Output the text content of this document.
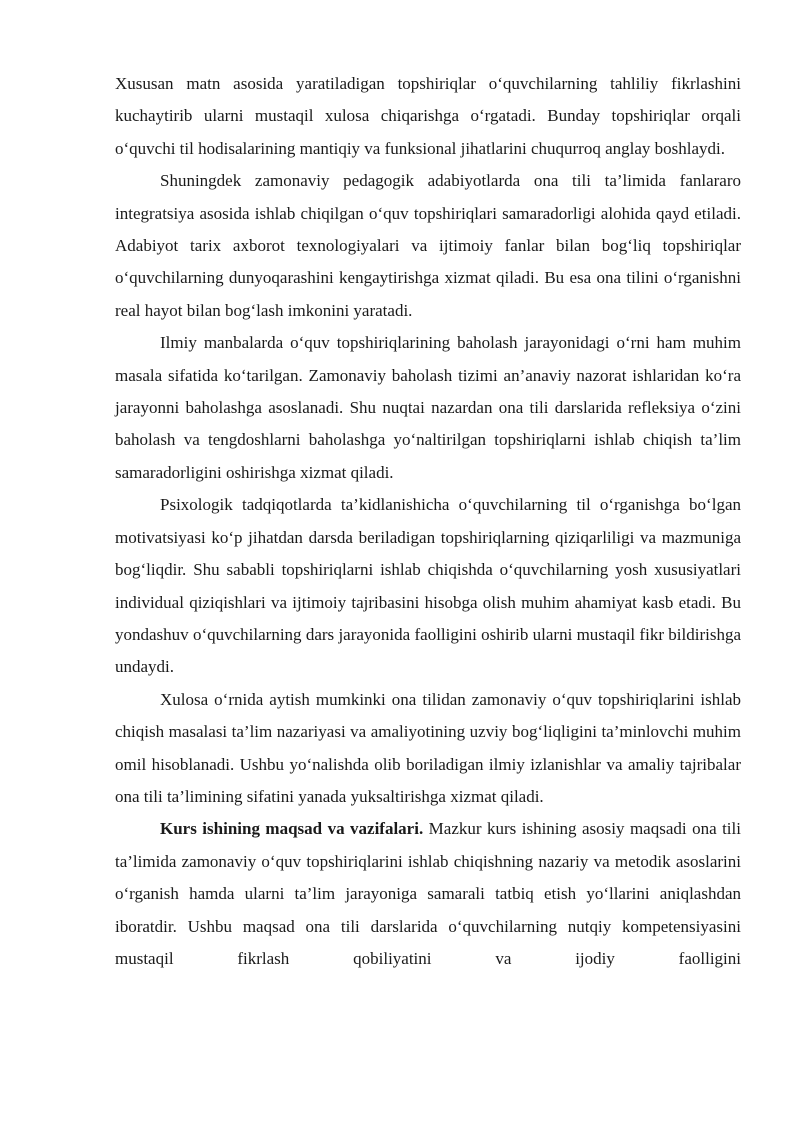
Xususan matn asosida yaratiladigan topshiriqlar o‘quvchilarning tahliliy fikrlashini kuchaytirib ularni mustaqil xulosa chiqarishga o‘rgatadi. Bunday topshiriqlar orqali o‘quvchi til hodisalarining mantiqiy va funksional jihatlarini chuqurroq anglay boshlaydi.

Shuningdek zamonaviy pedagogik adabiyotlarda ona tili ta’limida fanlararo integratsiya asosida ishlab chiqilgan o‘quv topshiriqlari samaradorligi alohida qayd etiladi. Adabiyot tarix axborot texnologiyalari va ijtimoiy fanlar bilan bog‘liq topshiriqlar o‘quvchilarning dunyoqarashini kengaytirishga xizmat qiladi. Bu esa ona tilini o‘rganishni real hayot bilan bog‘lash imkonini yaratadi.

Ilmiy manbalarda o‘quv topshiriqlarining baholash jarayonidagi o‘rni ham muhim masala sifatida ko‘tarilgan. Zamonaviy baholash tizimi an’anaviy nazorat ishlaridan ko‘ra jarayonni baholashga asoslanadi. Shu nuqtai nazardan ona tili darslarida refleksiya o‘zini baholash va tengdoshlarni baholashga yo‘naltirilgan topshiriqlarni ishlab chiqish ta’lim samaradorligini oshirishga xizmat qiladi.

Psixologik tadqiqotlarda ta’kidlanishicha o‘quvchilarning til o‘rganishga bo‘lgan motivatsiyasi ko‘p jihatdan darsda beriladigan topshiriqlarning qiziqarliligi va mazmuniga bog‘liqdir. Shu sababli topshiriqlarni ishlab chiqishda o‘quvchilarning yosh xususiyatlari individual qiziqishlari va ijtimoiy tajribasini hisobga olish muhim ahamiyat kasb etadi. Bu yondashuv o‘quvchilarning dars jarayonida faolligini oshirib ularni mustaqil fikr bildirishga undaydi.

Xulosa o‘rnida aytish mumkinki ona tilidan zamonaviy o‘quv topshiriqlarini ishlab chiqish masalasi ta’lim nazariyasi va amaliyotining uzviy bog‘liqligini ta’minlovchi muhim omil hisoblanadi. Ushbu yo‘nalishda olib boriladigan ilmiy izlanishlar va amaliy tajribalar ona tili ta’limining sifatini yanada yuksaltirishga xizmat qiladi.

Kurs ishining maqsad va vazifalari. Mazkur kurs ishining asosiy maqsadi ona tili ta’limida zamonaviy o‘quv topshiriqlarini ishlab chiqishning nazariy va metodik asoslarini o‘rganish hamda ularni ta’lim jarayoniga samarali tatbiq etish yo‘llarini aniqlashdan iboratdir. Ushbu maqsad ona tili darslarida o‘quvchilarning nutqiy kompetensiyasini mustaqil fikrlash qobiliyatini va ijodiy faolligini
